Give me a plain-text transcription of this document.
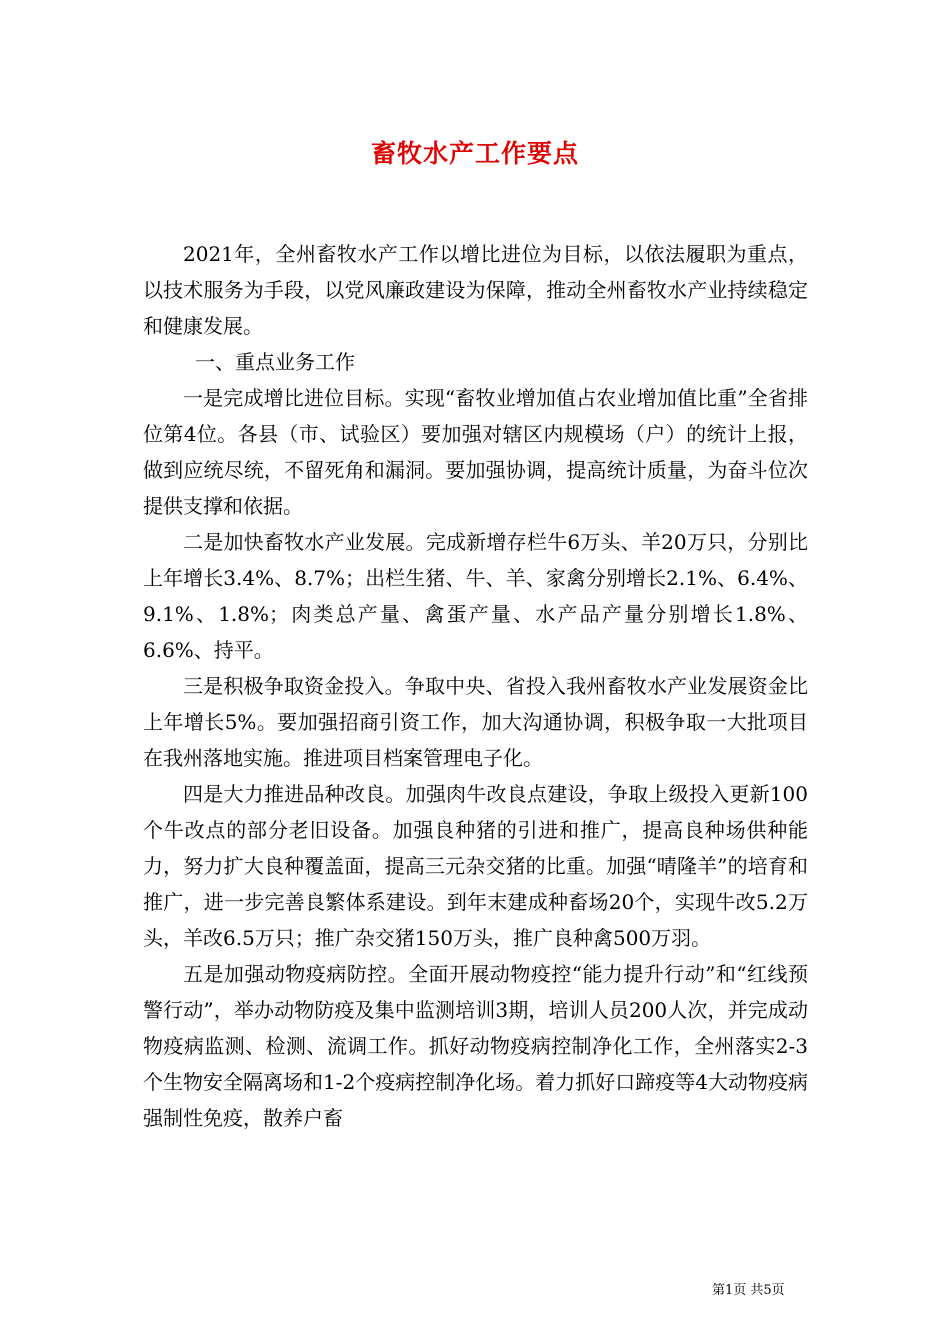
畜牧水产工作要点

2021年，全州畜牧水产工作以增比进位为目标，以依法履职为重点，以技术服务为手段，以党风廉政建设为保障，推动全州畜牧水产业持续稳定和健康发展。

一、重点业务工作

一是完成增比进位目标。实现“畜牧业增加值占农业增加值比重”全省排位第4位。各县（市、试验区）要加强对辖区内规模场（户）的统计上报，做到应统尽统，不留死角和漏洞。要加强协调，提高统计质量，为奋斗位次提供支撑和依据。

二是加快畜牧水产业发展。完成新增存栏牛6万头、羊20万只，分别比上年增长3.4%、8.7%；出栏生猪、牛、羊、家禽分别增长2.1%、6.4%、9.1%、1.8%；肉类总产量、禽蛋产量、水产品产量分别增长1.8%、6.6%、持平。

三是积极争取资金投入。争取中央、省投入我州畜牧水产业发展资金比上年增长5%。要加强招商引资工作，加大沟通协调，积极争取一大批项目在我州落地实施。推进项目档案管理电子化。

四是大力推进品种改良。加强肉牛改良点建设，争取上级投入更新100个牛改点的部分老旧设备。加强良种猪的引进和推广，提高良种场供种能力，努力扩大良种覆盖面，提高三元杂交猪的比重。加强“晴隆羊”的培育和推广，进一步完善良繁体系建设。到年末建成种畜场20个，实现牛改5.2万头，羊改6.5万只；推广杂交猪150万头，推广良种禽500万羽。

五是加强动物疫病防控。全面开展动物疫控“能力提升行动”和“红线预警行动”，举办动物防疫及集中监测培训3期，培训人员200人次，并完成动物疫病监测、检测、流调工作。抓好动物疫病控制净化工作，全州落实2-3个生物安全隔离场和1-2个疫病控制净化场。着力抓好口蹄疫等4大动物疫病强制性免疫，散养户畜

第1页 共5页
